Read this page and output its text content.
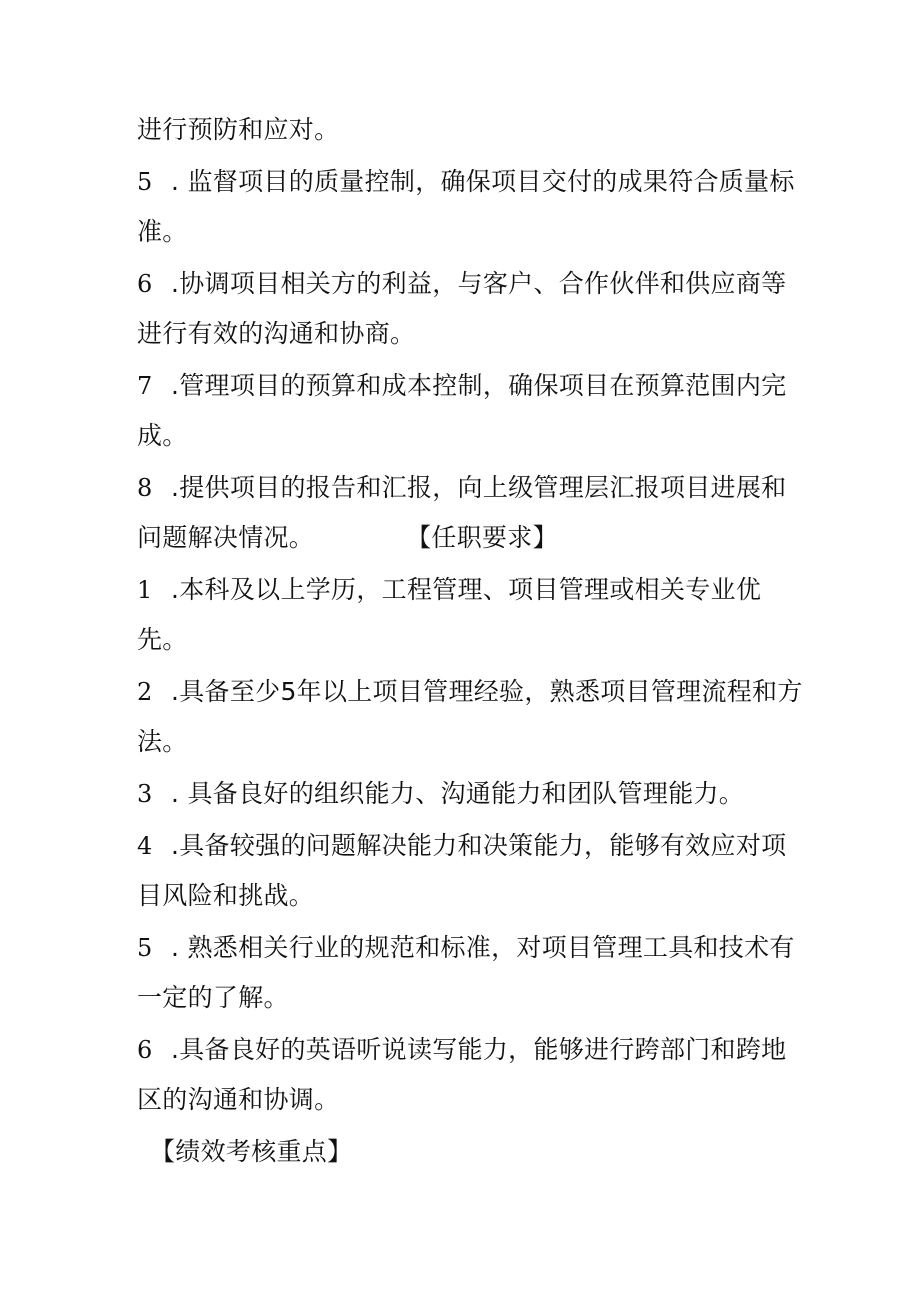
进行预防和应对。
5 . 监督项目的质量控制，确保项目交付的成果符合质量标
准。
6 .协调项目相关方的利益，与客户、合作伙伴和供应商等
进行有效的沟通和协商。
7 .管理项目的预算和成本控制，确保项目在预算范围内完
成。
8 .提供项目的报告和汇报，向上级管理层汇报项目进展和
问题解决情况。	【任职要求】
1 .本科及以上学历，工程管理、项目管理或相关专业优
先。
2 .具备至少5年以上项目管理经验，熟悉项目管理流程和方
法。
3 . 具备良好的组织能力、沟通能力和团队管理能力。
4 .具备较强的问题解决能力和决策能力，能够有效应对项
目风险和挑战。
5 . 熟悉相关行业的规范和标准，对项目管理工具和技术有
一定的了解。
6 .具备良好的英语听说读写能力，能够进行跨部门和跨地
区的沟通和协调。
【绩效考核重点】
